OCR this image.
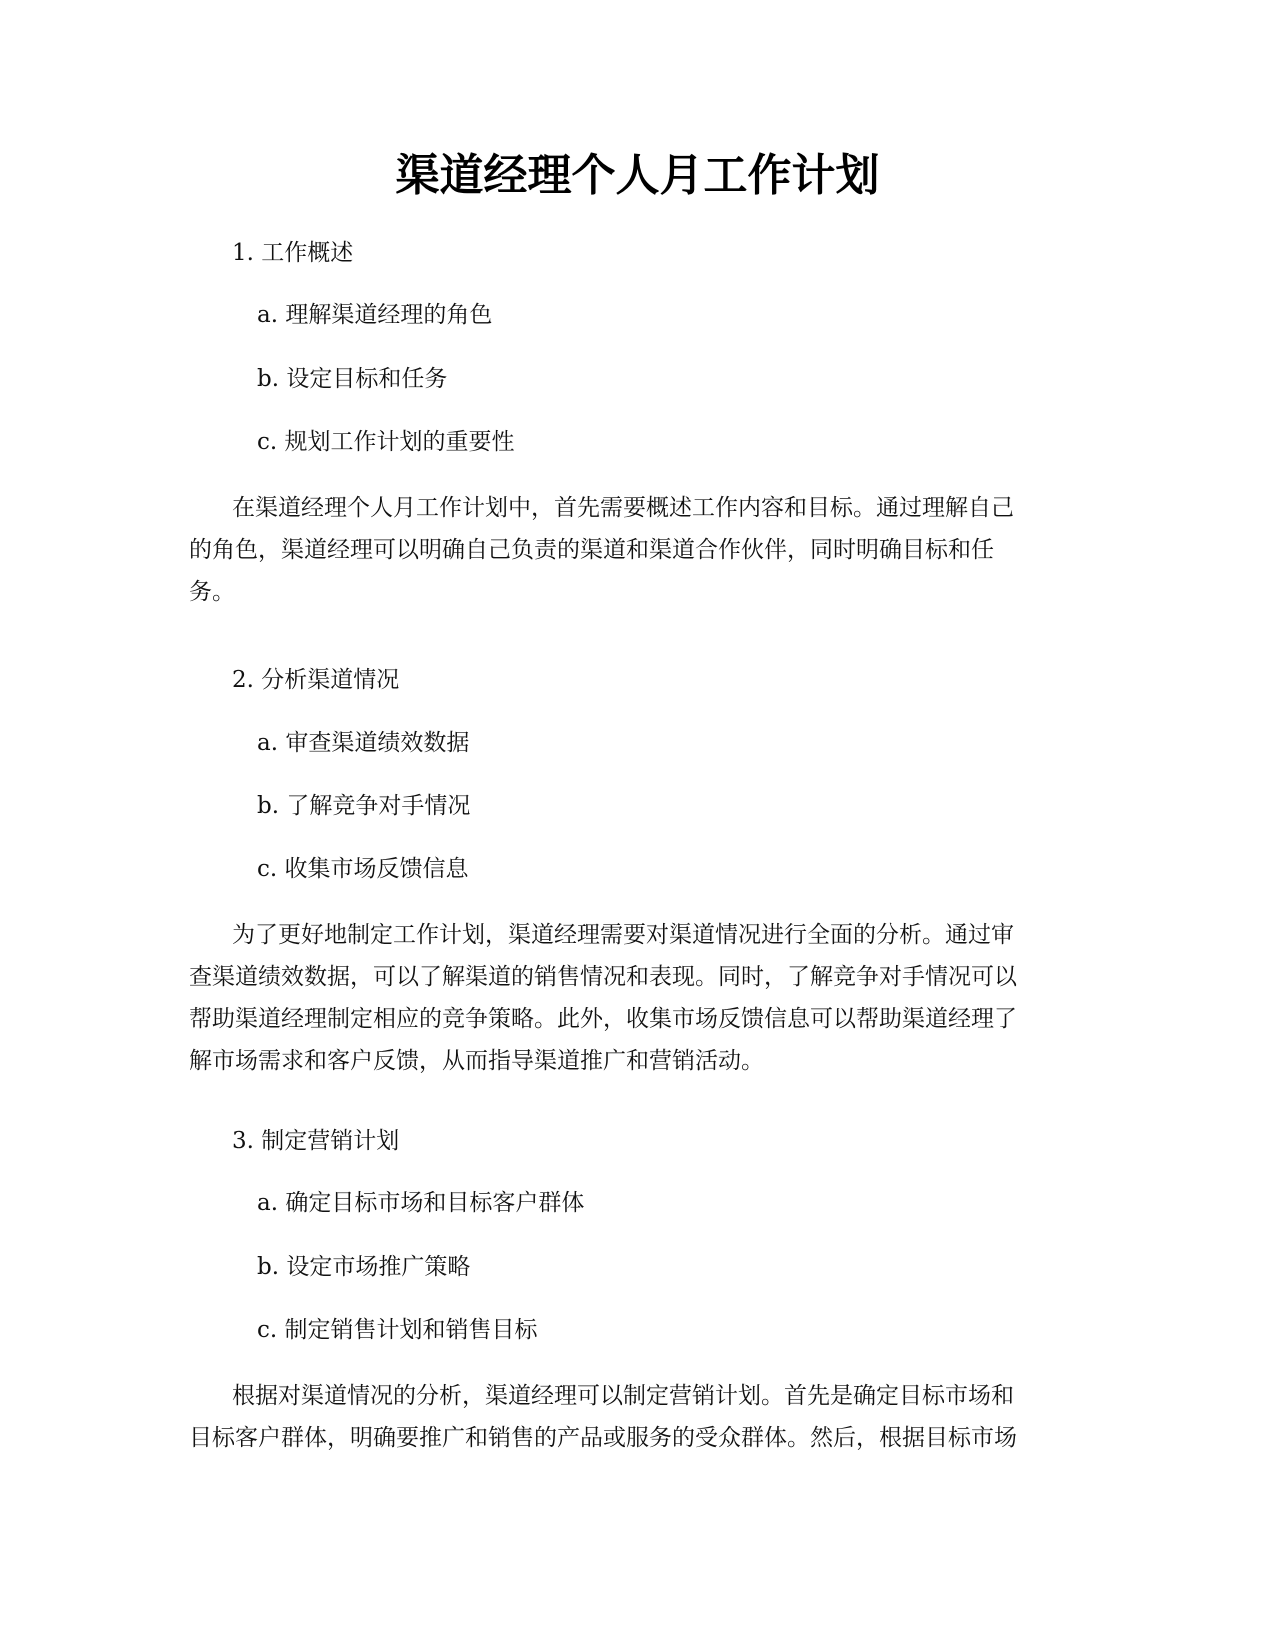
渠道经理个人月工作计划

1. 工作概述

a. 理解渠道经理的角色

b. 设定目标和任务

c. 规划工作计划的重要性

在渠道经理个人月工作计划中，首先需要概述工作内容和目标。通过理解自己
的角色，渠道经理可以明确自己负责的渠道和渠道合作伙伴，同时明确目标和任
务。

2. 分析渠道情况

a. 审查渠道绩效数据

b. 了解竞争对手情况

c. 收集市场反馈信息

为了更好地制定工作计划，渠道经理需要对渠道情况进行全面的分析。通过审
查渠道绩效数据，可以了解渠道的销售情况和表现。同时，了解竞争对手情况可以
帮助渠道经理制定相应的竞争策略。此外，收集市场反馈信息可以帮助渠道经理了
解市场需求和客户反馈，从而指导渠道推广和营销活动。

3. 制定营销计划

a. 确定目标市场和目标客户群体

b. 设定市场推广策略

c. 制定销售计划和销售目标

根据对渠道情况的分析，渠道经理可以制定营销计划。首先是确定目标市场和
目标客户群体，明确要推广和销售的产品或服务的受众群体。然后，根据目标市场
